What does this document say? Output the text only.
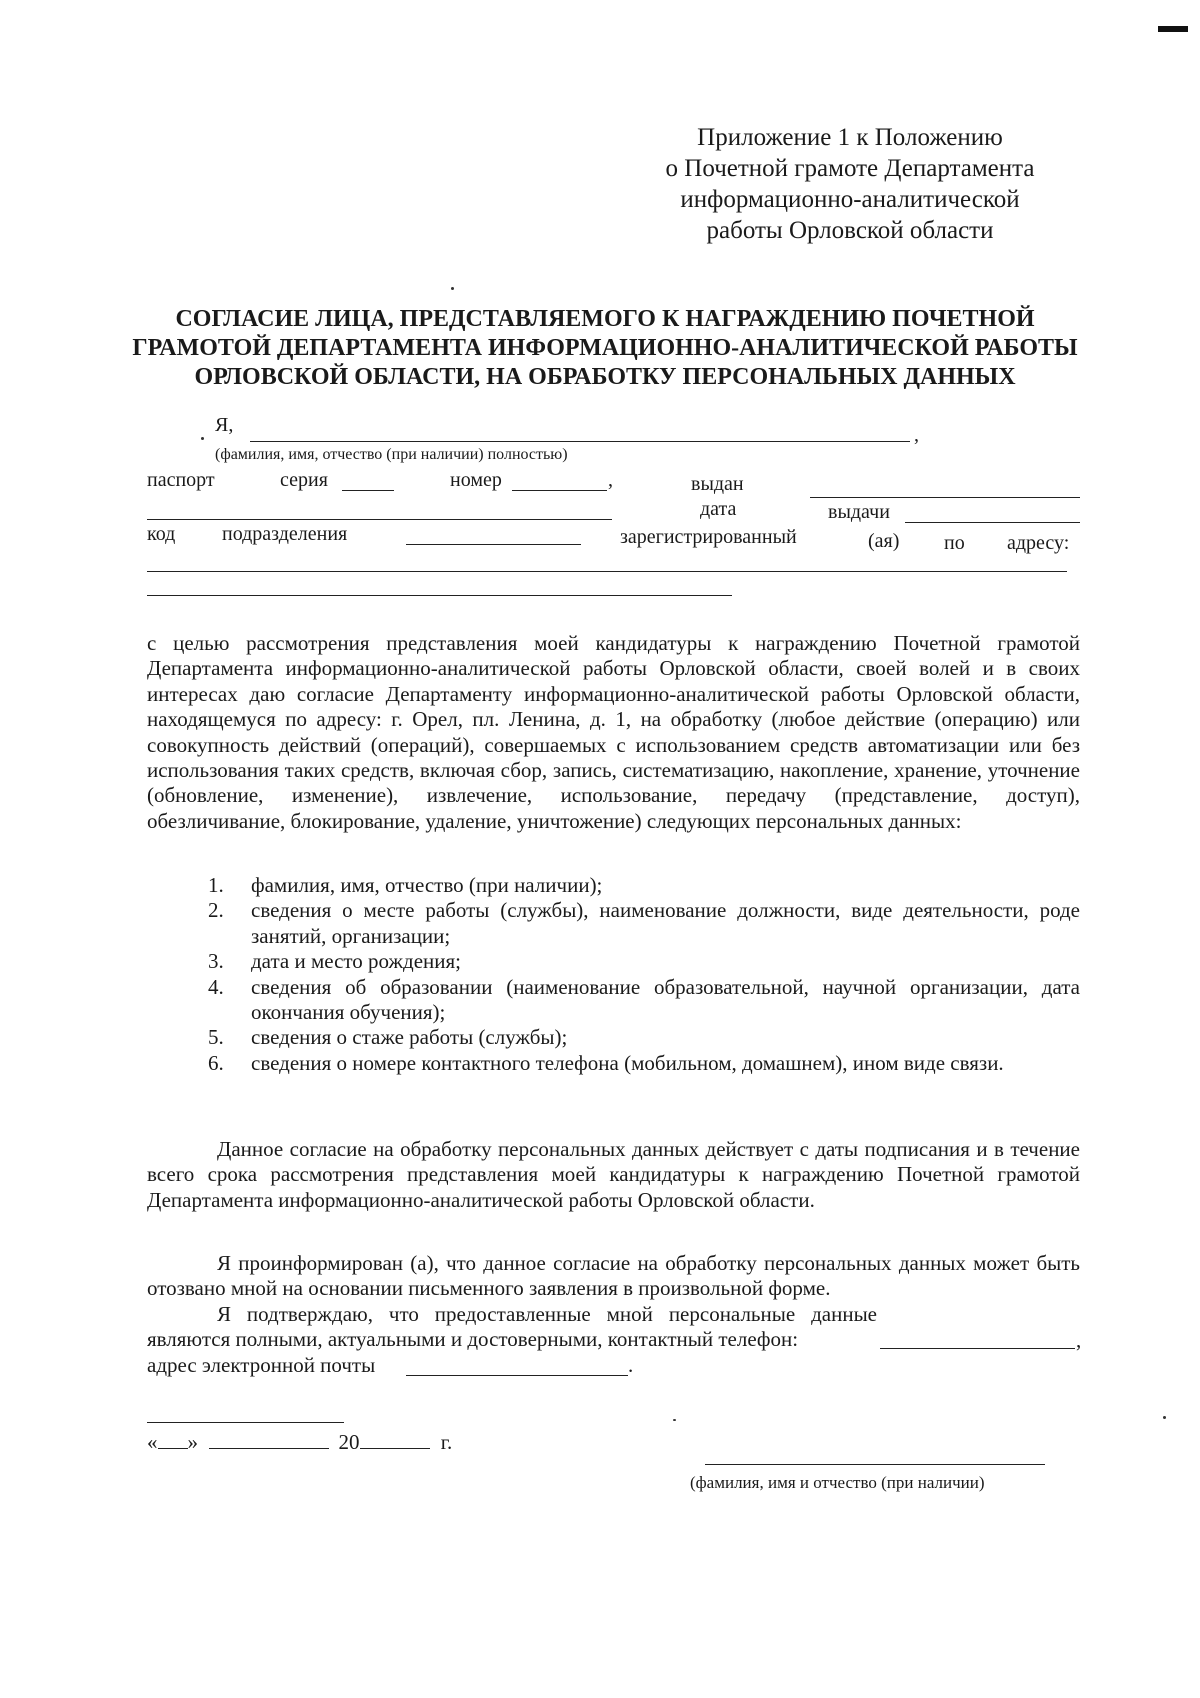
Приложение 1 к Положению
о Почетной грамоте Департамента
информационно-аналитической
работы Орловской области
СОГЛАСИЕ ЛИЦА, ПРЕДСТАВЛЯЕМОГО К НАГРАЖДЕНИЮ ПОЧЕТНОЙ
ГРАМОТОЙ ДЕПАРТАМЕНТА ИНФОРМАЦИОННО-АНАЛИТИЧЕСКОЙ РАБОТЫ
ОРЛОВСКОЙ ОБЛАСТИ, НА ОБРАБОТКУ ПЕРСОНАЛЬНЫХ ДАННЫХ
Я,	,
(фамилия, имя, отчество (при наличии) полностью)
паспорт	серия	номер	,	выдан
дата	выдачи
код подразделения	зарегистрированный	(ая) по адресу:
с целью рассмотрения представления моей кандидатуры к награждению Почетной грамотой Департамента информационно-аналитической работы Орловской области, своей волей и в своих интересах даю согласие Департаменту информационно-аналитической работы Орловской области, находящемуся по адресу: г. Орел, пл. Ленина, д. 1, на обработку (любое действие (операцию) или совокупность действий (операций), совершаемых с использованием средств автоматизации или без использования таких средств, включая сбор, запись, систематизацию, накопление, хранение, уточнение (обновление, изменение), извлечение, использование, передачу (представление, доступ), обезличивание, блокирование, удаление, уничтожение) следующих персональных данных:
1. фамилия, имя, отчество (при наличии);
2. сведения о месте работы (службы), наименование должности, виде деятельности, роде занятий, организации;
3. дата и место рождения;
4. сведения об образовании (наименование образовательной, научной организации, дата окончания обучения);
5. сведения о стаже работы (службы);
6. сведения о номере контактного телефона (мобильном, домашнем), ином виде связи.
Данное согласие на обработку персональных данных действует с даты подписания и в течение всего срока рассмотрения представления моей кандидатуры к награждению Почетной грамотой Департамента информационно-аналитической работы Орловской области.
Я проинформирован (а), что данное согласие на обработку персональных данных может быть отозвано мной на основании письменного заявления в произвольной форме.
Я подтверждаю, что предоставленные мной персональные данные являются полными, актуальными и достоверными, контактный телефон:	,
адрес электронной почты	.
« »	20	г.
(фамилия, имя и отчество (при наличии)
